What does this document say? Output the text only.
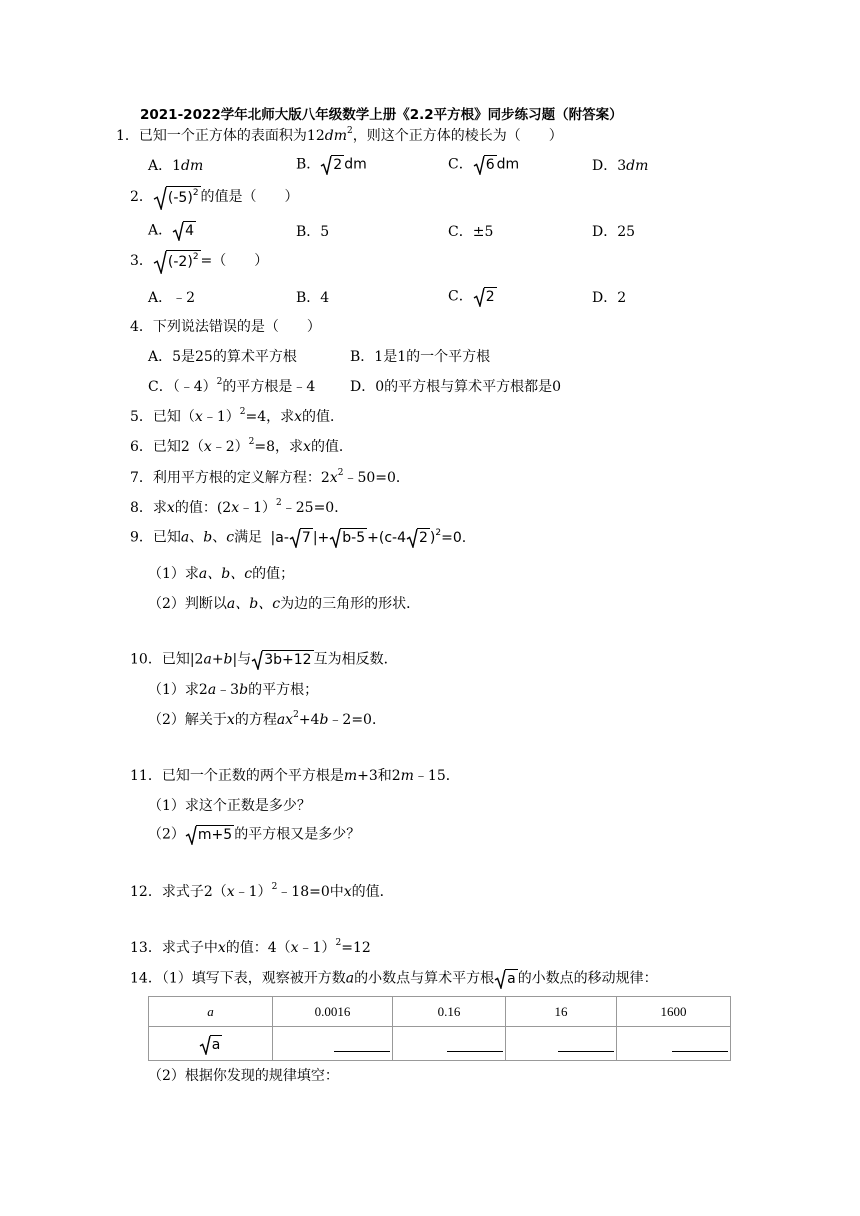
2021-2022学年北师大版八年级数学上册《2.2平方根》同步练习题（附答案）
1．已知一个正方体的表面积为$12dm^2$，则这个正方体的棱长为（　　）
A．1dm	B． 2 dm	C． 6 dm	D．3dm
2． $(-5)^2$ 的值是（　　）
A． 4	B．5	C．±5	D．25
3． $(-2)^2$ =（　　）
A．﹣2	B．4	C． 2	D．2
4．下列说法错误的是（　　）
A．5是25的算术平方根	B．1是1的一个平方根
C．（﹣4）$^2$的平方根是﹣4 D．0的平方根与算术平方根都是0
5．已知（x﹣1）$^2$=4，求x的值．
6．已知2（x﹣2）$^2$=8，求x的值．
7．利用平方根的定义解方程：$2x^2﹣50=0$．
8．求x的值：(2x﹣1）$^2$﹣25=0．
9．已知a、b、c满足 |a- 7 |+ b-5 +(c-4 2 )$^2$=0.
（1）求a、b、c的值；
（2）判断以a、b、c为边的三角形的形状．
10．已知|2a+b|与 3b+12 互为相反数．
（1）求2a﹣3b的平方根；
（2）解关于x的方程$ax^2+4b﹣2=0$．
11．已知一个正数的两个平方根是m+3和2m﹣15．
（1）求这个正数是多少？
（2） m+5 的平方根又是多少？
12．求式子2（x﹣1）$^2$﹣18=0中x的值．
13．求式子中x的值：4（x﹣1）$^2$=12
14．（1）填写下表，观察被开方数a的小数点与算术平方根 a 的小数点的移动规律：
a	0.0016	0.16	16	1600

a				
（2）根据你发现的规律填空：
